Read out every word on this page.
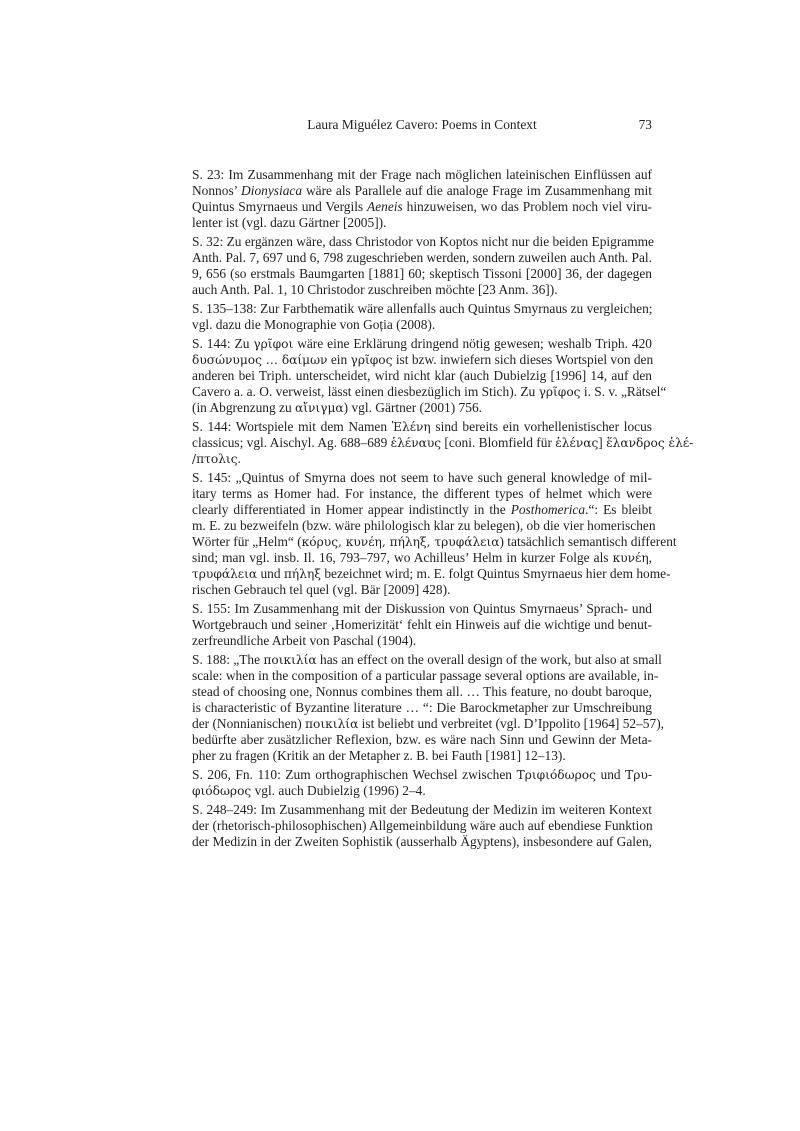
Laura Miguélez Cavero: Poems in Context	73
S. 23: Im Zusammenhang mit der Frage nach möglichen lateinischen Einflüssen auf
Nonnos’ Dionysiaca wäre als Parallele auf die analoge Frage im Zusammenhang mit
Quintus Smyrnaeus und Vergils Aeneis hinzuweisen, wo das Problem noch viel viru-
lenter ist (vgl. dazu Gärtner [2005]).
S. 32: Zu ergänzen wäre, dass Christodor von Koptos nicht nur die beiden Epigramme
Anth. Pal. 7, 697 und 6, 798 zugeschrieben werden, sondern zuweilen auch Anth. Pal.
9, 656 (so erstmals Baumgarten [1881] 60; skeptisch Tissoni [2000] 36, der dagegen
auch Anth. Pal. 1, 10 Christodor zuschreiben möchte [23 Anm. 36]).
S. 135–138: Zur Farbthematik wäre allenfalls auch Quintus Smyrnaus zu vergleichen;
vgl. dazu die Monographie von Goția (2008).
S. 144: Zu γρῖφοι wäre eine Erklärung dringend nötig gewesen; weshalb Triph. 420
δυσώνυμος … δαίμων ein γρῖφος ist bzw. inwiefern sich dieses Wortspiel von den
anderen bei Triph. unterscheidet, wird nicht klar (auch Dubielzig [1996] 14, auf den
Cavero a. a. O. verweist, lässt einen diesbezüglich im Stich). Zu γρῖφος i. S. v. „Rätsel“
(in Abgrenzung zu αἴνιγμα) vgl. Gärtner (2001) 756.
S. 144: Wortspiele mit dem Namen Ἑλένη sind bereits ein vorhellenistischer locus
classicus; vgl. Aischyl. Ag. 688–689 ἑλέναυς [coni. Blomfield für ἑλένας] ἕλανδρος ἑλέ-
/πτολις.
S. 145: „Quintus of Smyrna does not seem to have such general knowledge of mil-
itary terms as Homer had. For instance, the different types of helmet which were
clearly differentiated in Homer appear indistinctly in the Posthomerica.“: Es bleibt
m. E. zu bezweifeln (bzw. wäre philologisch klar zu belegen), ob die vier homerischen
Wörter für „Helm“ (κόρυς, κυνέη, πήληξ, τρυφάλεια) tatsächlich semantisch different
sind; man vgl. insb. Il. 16, 793–797, wo Achilleus’ Helm in kurzer Folge als κυνέη,
τρυφάλεια und πήληξ bezeichnet wird; m. E. folgt Quintus Smyrnaeus hier dem home-
rischen Gebrauch tel quel (vgl. Bär [2009] 428).
S. 155: Im Zusammenhang mit der Diskussion von Quintus Smyrnaeus’ Sprach- und
Wortgebrauch und seiner ‚Homerizität‘ fehlt ein Hinweis auf die wichtige und benut-
zerfreundliche Arbeit von Paschal (1904).
S. 188: „The ποικιλία has an effect on the overall design of the work, but also at small
scale: when in the composition of a particular passage several options are available, in-
stead of choosing one, Nonnus combines them all. … This feature, no doubt baroque,
is characteristic of Byzantine literature … “: Die Barockmetapher zur Umschreibung
der (Nonnianischen) ποικιλία ist beliebt und verbreitet (vgl. D’Ippolito [1964] 52–57),
bedürfte aber zusätzlicher Reflexion, bzw. es wäre nach Sinn und Gewinn der Meta-
pher zu fragen (Kritik an der Metapher z. B. bei Fauth [1981] 12–13).
S. 206, Fn. 110: Zum orthographischen Wechsel zwischen Τριφιόδωρος und Τρυ-
φιόδωρος vgl. auch Dubielzig (1996) 2–4.
S. 248–249: Im Zusammenhang mit der Bedeutung der Medizin im weiteren Kontext
der (rhetorisch-philosophischen) Allgemeinbildung wäre auch auf ebendiese Funktion
der Medizin in der Zweiten Sophistik (ausserhalb Ägyptens), insbesondere auf Galen,
